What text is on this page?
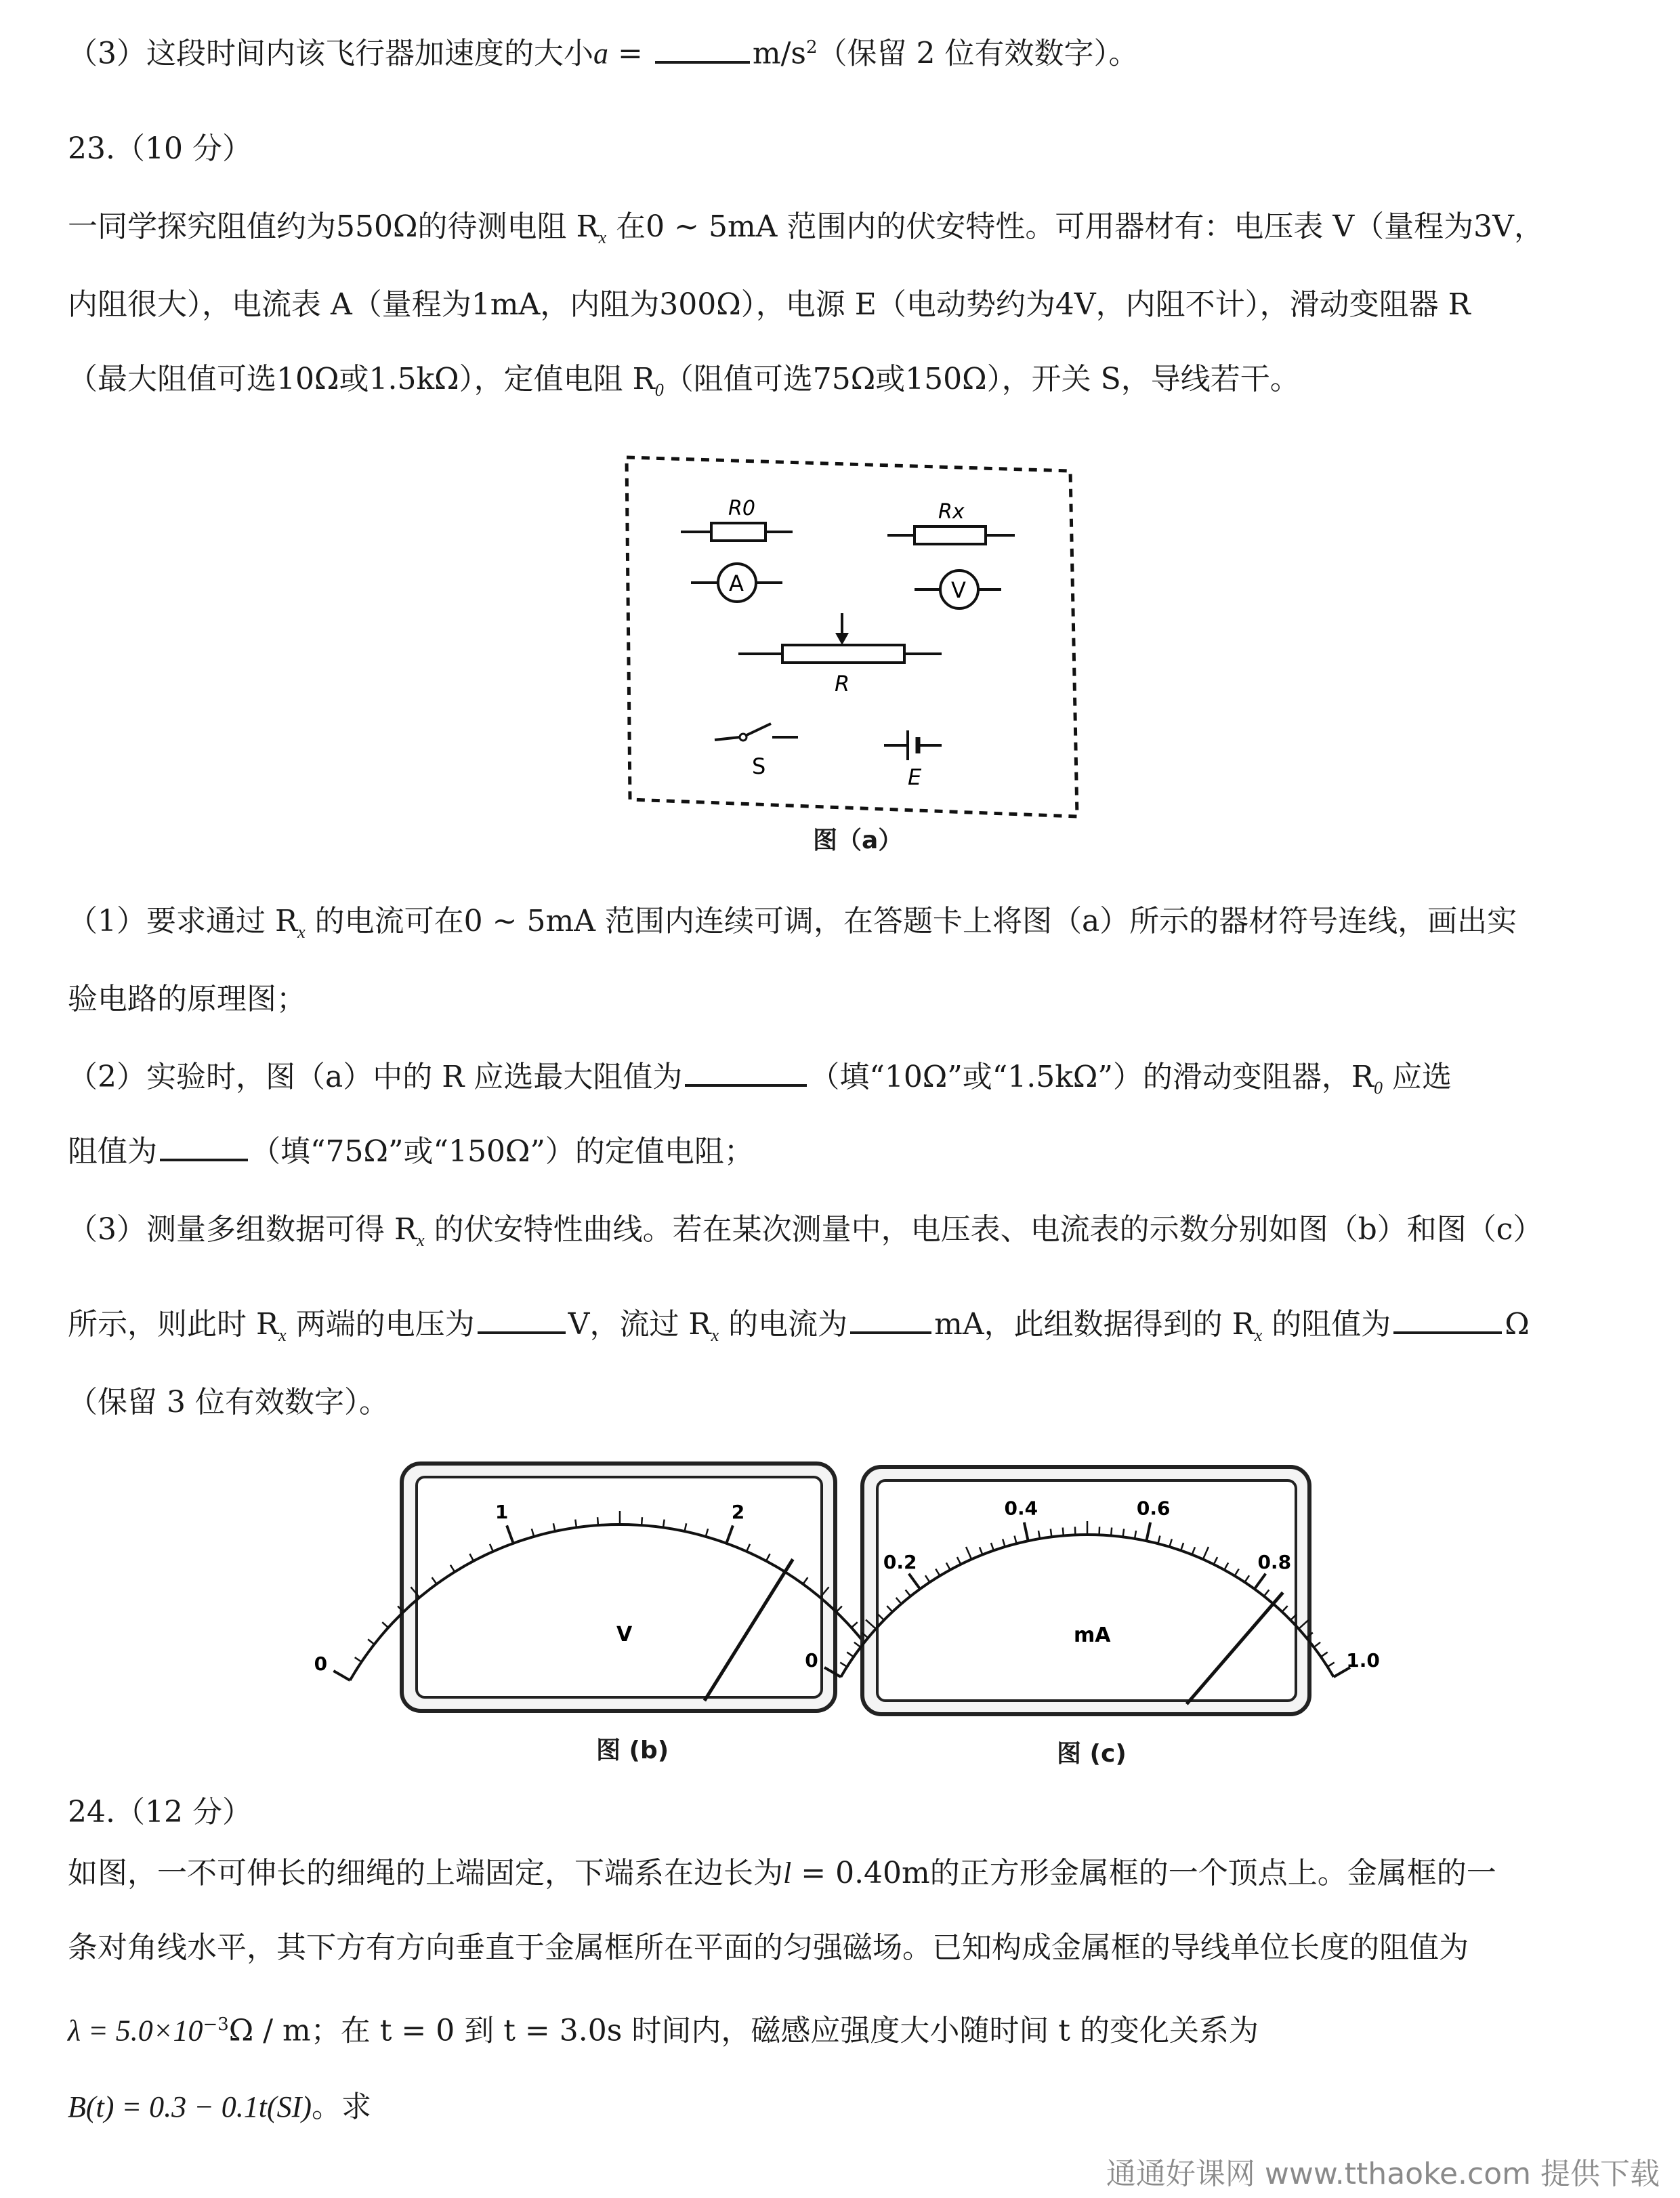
（3）这段时间内该飞行器加速度的大小a =	$m/s^2$（保留 2 位有效数字）。
23.（10 分）
一同学探究阻值约为550Ω的待测电阻 $R_x$ 在0 ~ 5mA 范围内的伏安特性。可用器材有：电压表 V（量程为3V，
内阻很大），电流表 A（量程为1mA，内阻为300Ω），电源 E（电动势约为4V，内阻不计），滑动变阻器 R
（最大阻值可选10Ω或1.5kΩ），定值电阻 $R_0$（阻值可选75Ω或150Ω），开关 S，导线若干。
R0	Rx
A	V
R
S	E
图（a）
（1）要求通过 $R_x$ 的电流可在0 ~ 5mA 范围内连续可调，在答题卡上将图（a）所示的器材符号连线，画出实
验电路的原理图；
（2）实验时，图（a）中的 R 应选最大阻值为	（填“10Ω”或“1.5kΩ”）的滑动变阻器，$R_0$ 应选
阻值为	（填“75Ω”或“150Ω”）的定值电阻；
（3）测量多组数据可得 $R_x$ 的伏安特性曲线。若在某次测量中，电压表、电流表的示数分别如图（b）和图（c）
所示，则此时 $R_x$ 两端的电压为	V，流过 $R_x$ 的电流为	mA，此组数据得到的 $R_x$ 的阻值为	Ω
（保留 3 位有效数字）。
0
1	2
V
图 (b)
0
0.2
0.4	0.6
0.8
1.0
mA
图 (c)
24.（12 分）
如图，一不可伸长的细绳的上端固定，下端系在边长为l = 0.40m的正方形金属框的一个顶点上。金属框的一
条对角线水平，其下方有方向垂直于金属框所在平面的匀强磁场。已知构成金属框的导线单位长度的阻值为
$\lambda = 5.0\times 10^{-3}\Omega / m$；在 t = 0 到 t = 3.0s 时间内，磁感应强度大小随时间 t 的变化关系为
B(t) = 0.3 − 0.1t(SI)。求
通通好课网 www.tthaoke.com 提供下载
